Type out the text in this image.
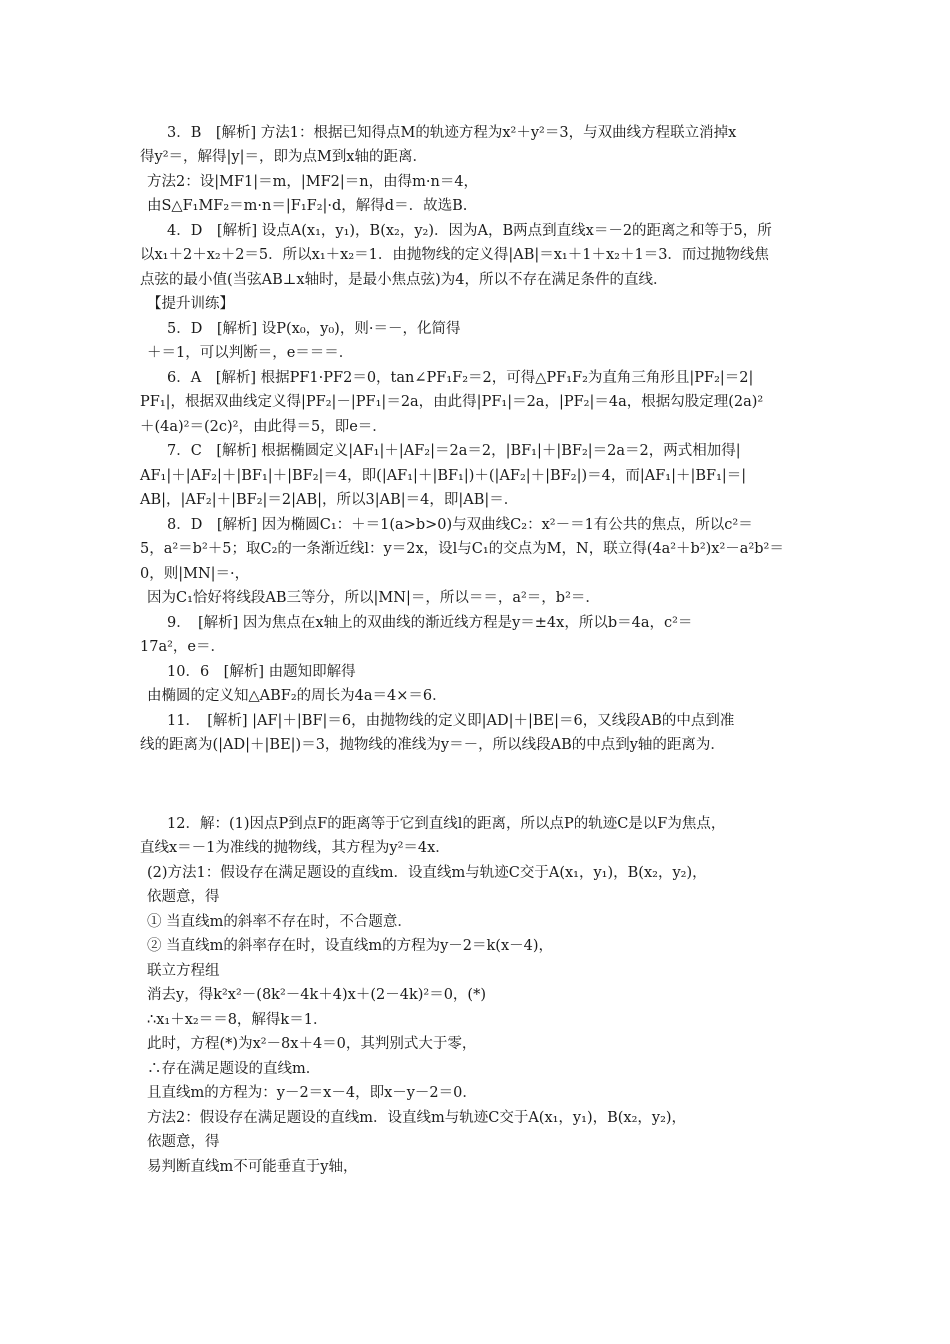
3．B　[解析] 方法1：根据已知得点M的轨迹方程为x²＋y²＝3，与双曲线方程联立消掉x
得y²＝，解得|y|＝，即为点M到x轴的距离．
方法2：设|MF1|＝m，|MF2|＝n，由得m·n＝4，
由S△F₁MF₂＝m·n＝|F₁F₂|·d，解得d＝．故选B.
4．D　[解析] 设点A(x₁，y₁)，B(x₂，y₂)．因为A，B两点到直线x＝－2的距离之和等于5，所
以x₁＋2＋x₂＋2＝5．所以x₁＋x₂＝1．由抛物线的定义得|AB|＝x₁＋1＋x₂＋1＝3．而过抛物线焦
点弦的最小值(当弦AB⊥x轴时，是最小焦点弦)为4，所以不存在满足条件的直线．
【提升训练】
5．D　[解析] 设P(x₀，y₀)，则·＝－，化简得
＋＝1，可以判断＝，e＝＝＝．
6．A　[解析] 根据PF1·PF2＝0，tan∠PF₁F₂＝2，可得△PF₁F₂为直角三角形且|PF₂|＝2|
PF₁|，根据双曲线定义得|PF₂|－|PF₁|＝2a，由此得|PF₁|＝2a，|PF₂|＝4a，根据勾股定理(2a)²
＋(4a)²＝(2c)²，由此得＝5，即e＝．
7．C　[解析] 根据椭圆定义|AF₁|＋|AF₂|＝2a＝2，|BF₁|＋|BF₂|＝2a＝2，两式相加得|
AF₁|＋|AF₂|＋|BF₁|＋|BF₂|＝4，即(|AF₁|＋|BF₁|)＋(|AF₂|＋|BF₂|)＝4，而|AF₁|＋|BF₁|＝|
AB|，|AF₂|＋|BF₂|＝2|AB|，所以3|AB|＝4，即|AB|＝．
8．D　[解析] 因为椭圆C₁：＋＝1(a>b>0)与双曲线C₂：x²－＝1有公共的焦点，所以c²＝
5，a²＝b²＋5；取C₂的一条渐近线l：y＝2x，设l与C₁的交点为M，N，联立得(4a²＋b²)x²－a²b²＝
0，则|MN|＝·，
因为C₁恰好将线段AB三等分，所以|MN|＝，所以＝＝，a²＝，b²＝．
9．　[解析] 因为焦点在x轴上的双曲线的渐近线方程是y＝±4x，所以b＝4a，c²＝
17a²，e＝．
10．6　[解析] 由题知即解得
由椭圆的定义知△ABF₂的周长为4a＝4×＝6．
11．　[解析] |AF|＋|BF|＝6，由抛物线的定义即|AD|＋|BE|＝6，又线段AB的中点到准
线的距离为(|AD|＋|BE|)＝3，抛物线的准线为y＝－，所以线段AB的中点到y轴的距离为．
12．解：(1)因点P到点F的距离等于它到直线l的距离，所以点P的轨迹C是以F为焦点，
直线x＝－1为准线的抛物线，其方程为y²＝4x．
(2)方法1：假设存在满足题设的直线m．设直线m与轨迹C交于A(x₁，y₁)，B(x₂，y₂)，
依题意，得
① 当直线m的斜率不存在时，不合题意．
② 当直线m的斜率存在时，设直线m的方程为y－2＝k(x－4)，
联立方程组
消去y，得k²x²－(8k²－4k＋4)x＋(2－4k)²＝0，(*)
∴x₁＋x₂＝＝8，解得k＝1．
此时，方程(*)为x²－8x＋4＝0，其判别式大于零，
∴存在满足题设的直线m．
且直线m的方程为：y－2＝x－4，即x－y－2＝0．
方法2：假设存在满足题设的直线m．设直线m与轨迹C交于A(x₁，y₁)，B(x₂，y₂)，
依题意，得
易判断直线m不可能垂直于y轴，
